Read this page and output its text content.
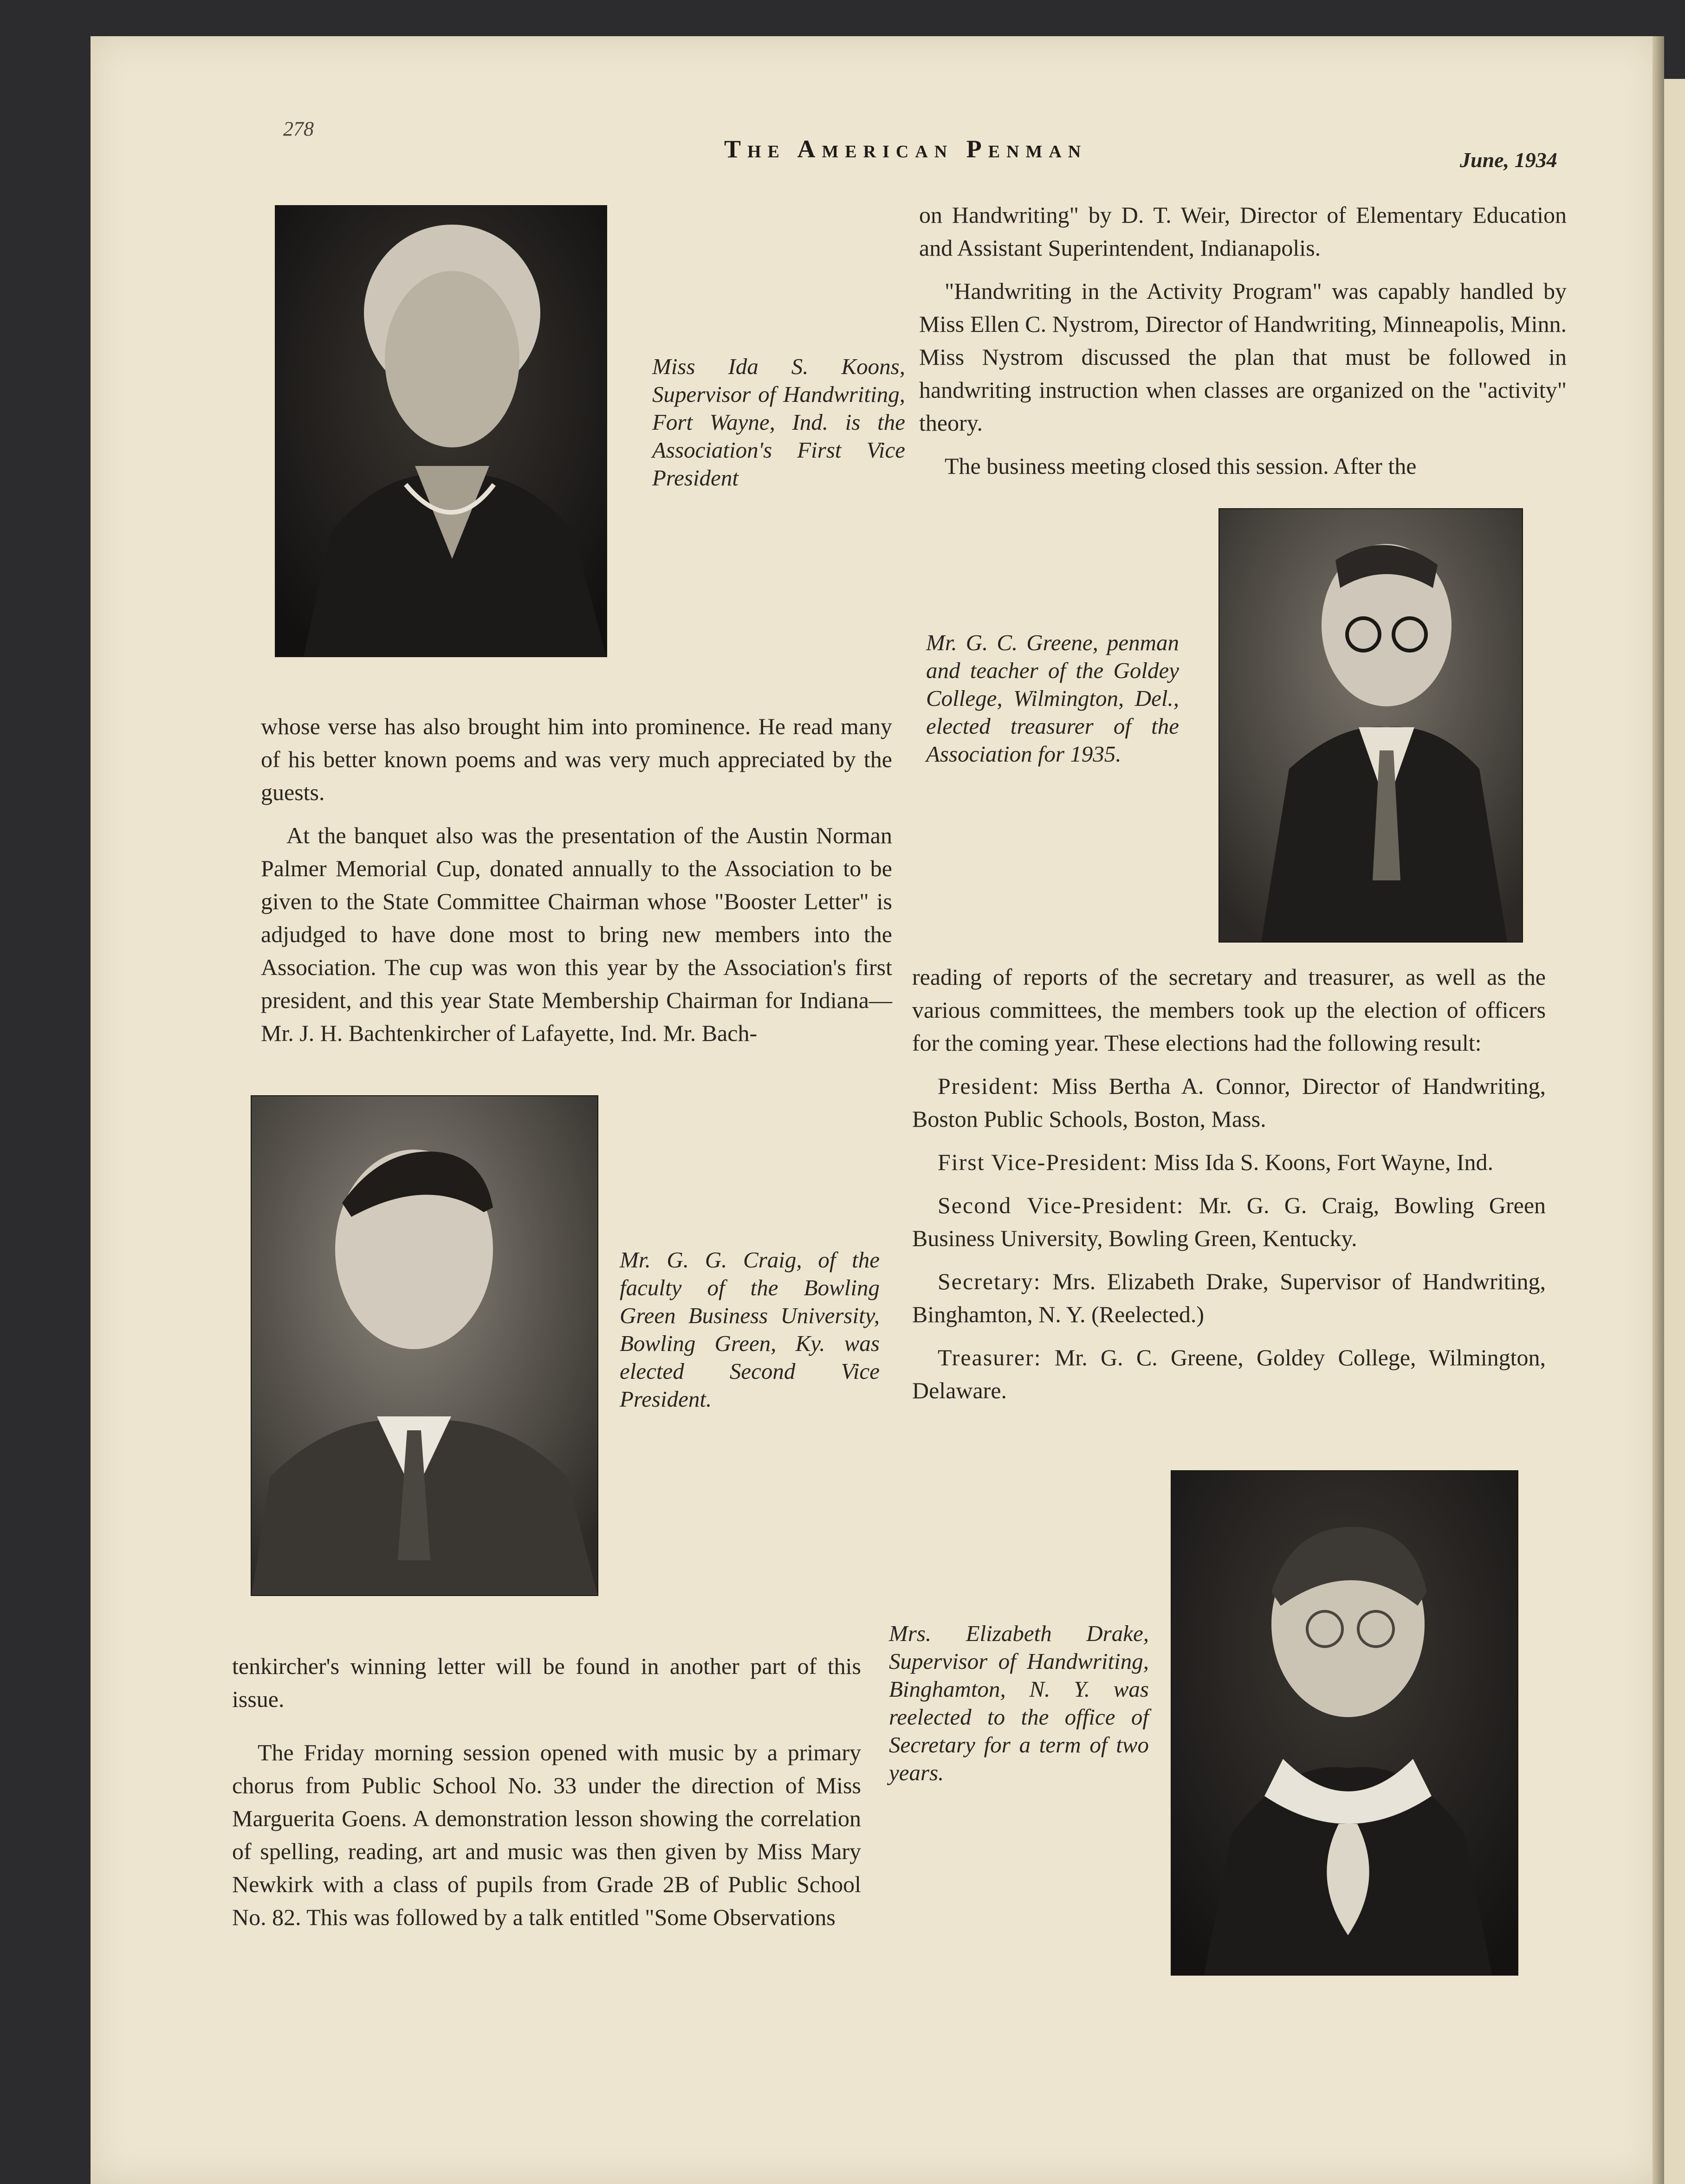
278
The American Penman	June, 1934
Miss Ida S. Koons, Supervisor of Handwriting, Fort Wayne, Ind. is the Association's First Vice President

on Handwriting" by D. T. Weir, Director of Elementary Education and Assistant Superintendent, Indianapolis.

"Handwriting in the Activity Program" was capably handled by Miss Ellen C. Nystrom, Director of Handwriting, Minneapolis, Minn. Miss Nystrom discussed the plan that must be followed in handwriting instruction when classes are organized on the "activity" theory.

The business meeting closed this session. After the

Mr. G. C. Greene, penman and teacher of the Goldey College, Wilmington, Del., elected treasurer of the Association for 1935.

whose verse has also brought him into prominence. He read many of his better known poems and was very much appreciated by the guests.

At the banquet also was the presentation of the Austin Norman Palmer Memorial Cup, donated annually to the Association to be given to the State Committee Chairman whose "Booster Letter" is adjudged to have done most to bring new members into the Association. The cup was won this year by the Association's first president, and this year State Membership Chairman for Indiana—Mr. J. H. Bachtenkircher of Lafayette, Ind. Mr. Bach-

reading of reports of the secretary and treasurer, as well as the various committees, the members took up the election of officers for the coming year. These elections had the following result:

President: Miss Bertha A. Connor, Director of Handwriting, Boston Public Schools, Boston, Mass.

First Vice-President: Miss Ida S. Koons, Fort Wayne, Ind.

Second Vice-President: Mr. G. G. Craig, Bowling Green Business University, Bowling Green, Kentucky.

Secretary: Mrs. Elizabeth Drake, Supervisor of Handwriting, Binghamton, N. Y. (Reelected.)

Treasurer: Mr. G. C. Greene, Goldey College, Wilmington, Delaware.

Mr. G. G. Craig, of the faculty of the Bowling Green Business University, Bowling Green, Ky. was elected Second Vice President.

tenkircher's winning letter will be found in another part of this issue.

The Friday morning session opened with music by a primary chorus from Public School No. 33 under the direction of Miss Marguerita Goens. A demonstration lesson showing the correlation of spelling, reading, art and music was then given by Miss Mary Newkirk with a class of pupils from Grade 2B of Public School No. 82. This was followed by a talk entitled "Some Observations

Mrs. Elizabeth Drake, Supervisor of Handwriting, Binghamton, N. Y. was reelected to the office of Secretary for a term of two years.
